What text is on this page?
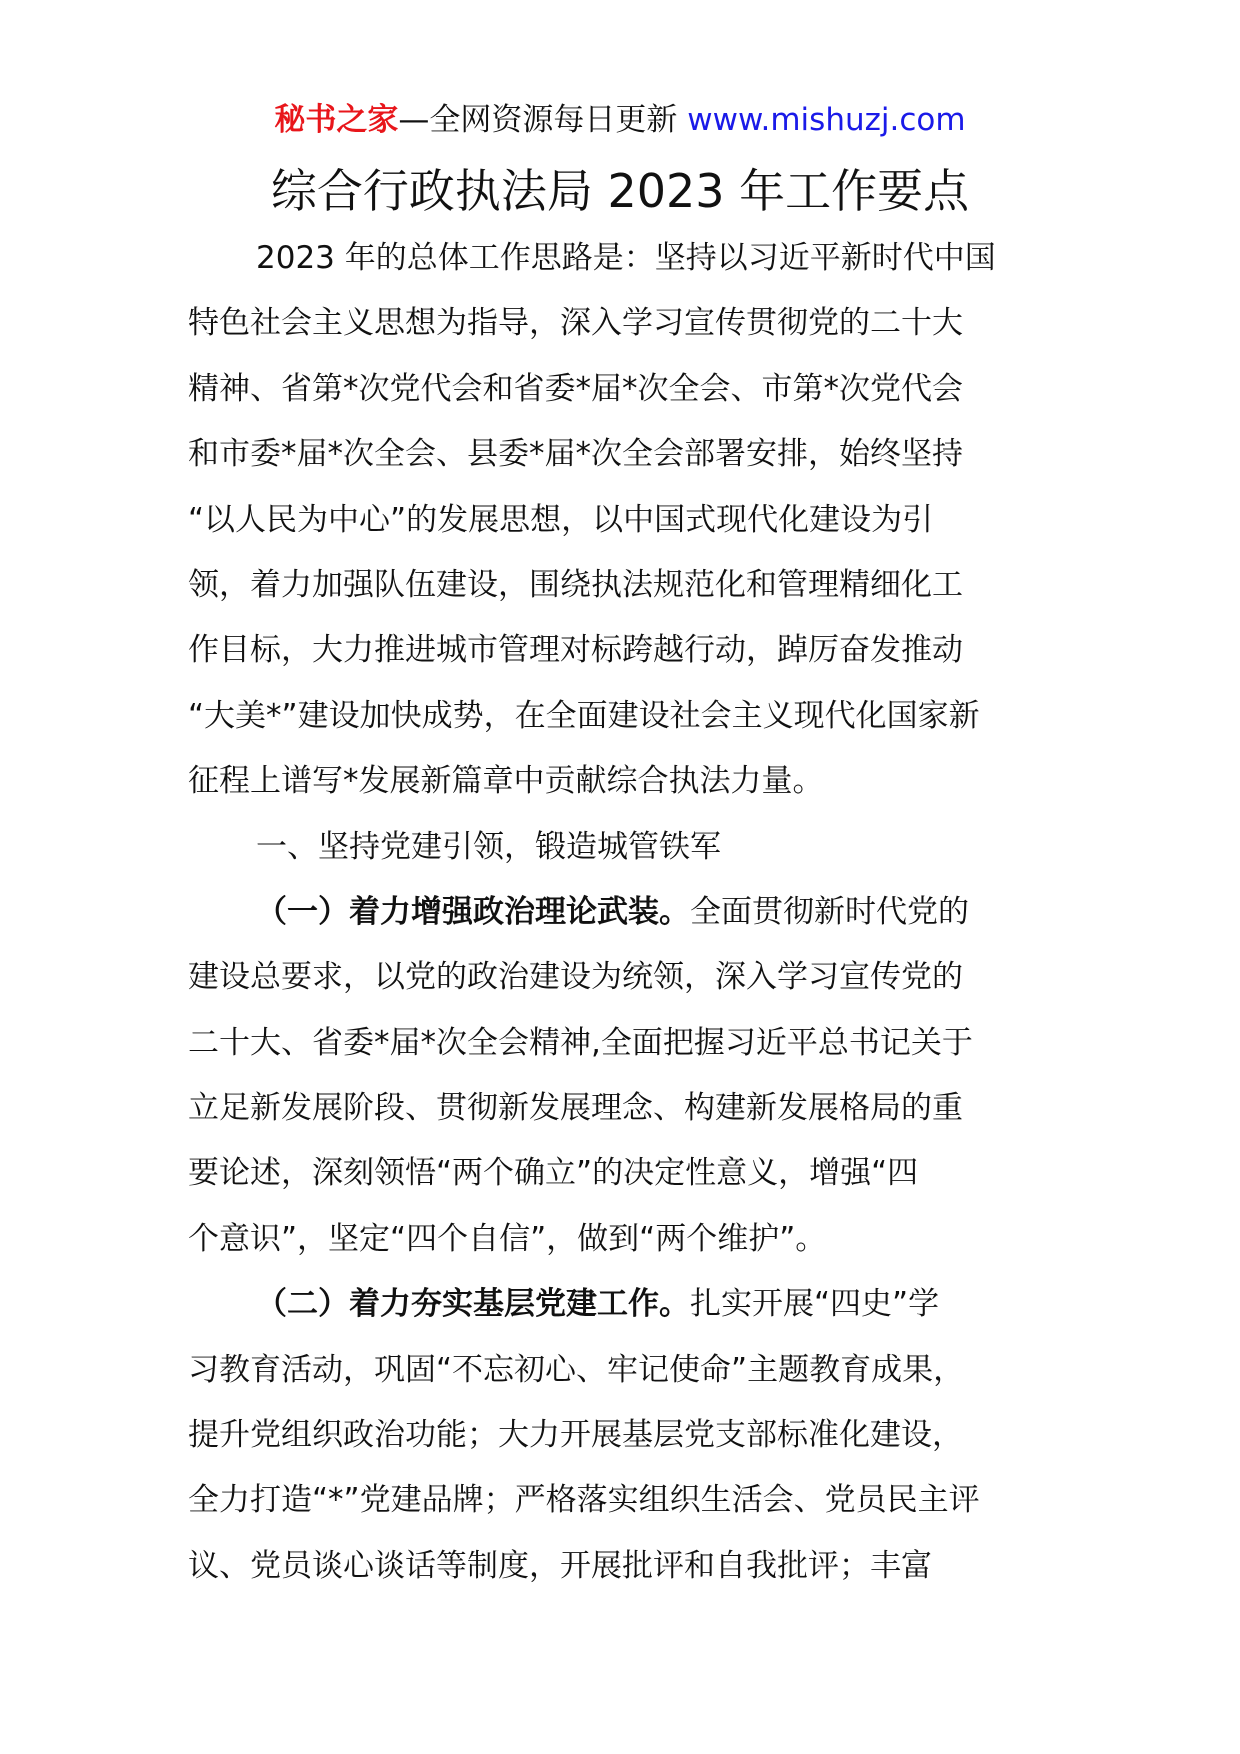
秘书之家—全网资源每日更新 www.mishuzj.com
综合行政执法局 2023 年工作要点
2023 年的总体工作思路是：坚持以习近平新时代中国
特色社会主义思想为指导，深入学习宣传贯彻党的二十大
精神、省第*次党代会和省委*届*次全会、市第*次党代会
和市委*届*次全会、县委*届*次全会部署安排，始终坚持
“以人民为中心”的发展思想，以中国式现代化建设为引
领，着力加强队伍建设，围绕执法规范化和管理精细化工
作目标，大力推进城市管理对标跨越行动，踔厉奋发推动
“大美*”建设加快成势，在全面建设社会主义现代化国家新
征程上谱写*发展新篇章中贡献综合执法力量。
一、坚持党建引领，锻造城管铁军
（一）着力增强政治理论武装。全面贯彻新时代党的
建设总要求，以党的政治建设为统领，深入学习宣传党的
二十大、省委*届*次全会精神,全面把握习近平总书记关于
立足新发展阶段、贯彻新发展理念、构建新发展格局的重
要论述，深刻领悟“两个确立”的决定性意义，增强“四
个意识”，坚定“四个自信”，做到“两个维护”。
（二）着力夯实基层党建工作。扎实开展“四史”学
习教育活动，巩固“不忘初心、牢记使命”主题教育成果，
提升党组织政治功能；大力开展基层党支部标准化建设，
全力打造“*”党建品牌；严格落实组织生活会、党员民主评
议、党员谈心谈话等制度，开展批评和自我批评；丰富
